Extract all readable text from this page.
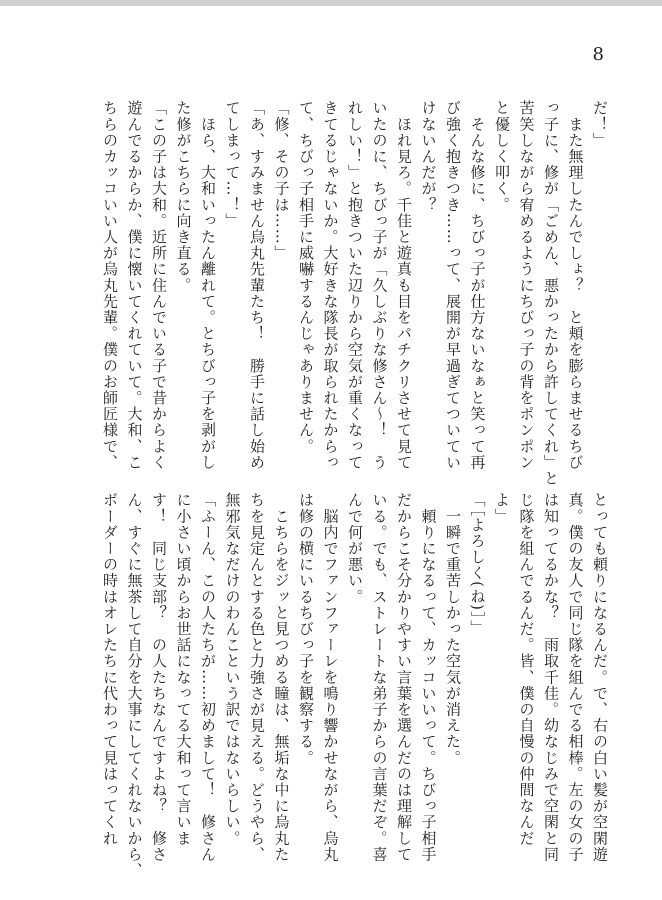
8

だ！」

　また無理したんでしょ？　と頬を膨らませるちび

っ子に、修が「ごめん、悪かったから許してくれ」と

苦笑しながら宥めるようにちびっ子の背をポンポン

と優しく叩く。

　そんな修に、ちびっ子が仕方ないなぁと笑って再

び強く抱きつき……って、展開が早過ぎてついてい

けないんだが？

　ほれ見ろ。千佳と遊真も目をパチクリさせて見て

いたのに、ちびっ子が「久しぶりな修さん～！　う

れしい！」と抱きついた辺りから空気が重くなって

きてるじゃないか。大好きな隊長が取られたからっ

て、ちびっ子相手に威嚇するんじゃありません。

「修、その子は……」

「あ、すみません烏丸先輩たち！　勝手に話し始め

てしまって…！」

　ほら、大和いったん離れて。とちびっ子を剥がし

た修がこちらに向き直る。

「この子は大和。近所に住んでいる子で昔からよく

遊んでるからか、僕に懐いてくれていて。大和、こ

ちらのカッコいい人が烏丸先輩。僕のお師匠様で、

とっても頼りになるんだ。で、右の白い髪が空閑遊

真。僕の友人で同じ隊を組んでる相棒。左の女の子

は知ってるかな？　雨取千佳。幼なじみで空閑と同

じ隊を組んでるんだ。皆、僕の自慢の仲間なんだ

よ」

「［よろしく(ね)］」

　一瞬で重苦しかった空気が消えた。

　頼りになるって、カッコいいって。ちびっ子相手

だからこそ分かりやすい言葉を選んだのは理解して

いる。でも、ストレートな弟子からの言葉だぞ。喜

んで何が悪い。

　脳内でファンファーレを鳴り響かせながら、烏丸

は修の横にいるちびっ子を観察する。

　こちらをジッと見つめる瞳は、無垢な中に烏丸た

ちを見定んとする色と力強さが見える。どうやら、

無邪気なだけのわんこという訳ではないらしい。

「ふーん、この人たちが……初めまして！　修さん

に小さい頃からお世話になってる大和って言いま

す！　同じ支部？　の人たちなんですよね？　修さ

ん、すぐに無茶して自分を大事にしてくれないから、

ボーダーの時はオレたちに代わって見はってくれ
